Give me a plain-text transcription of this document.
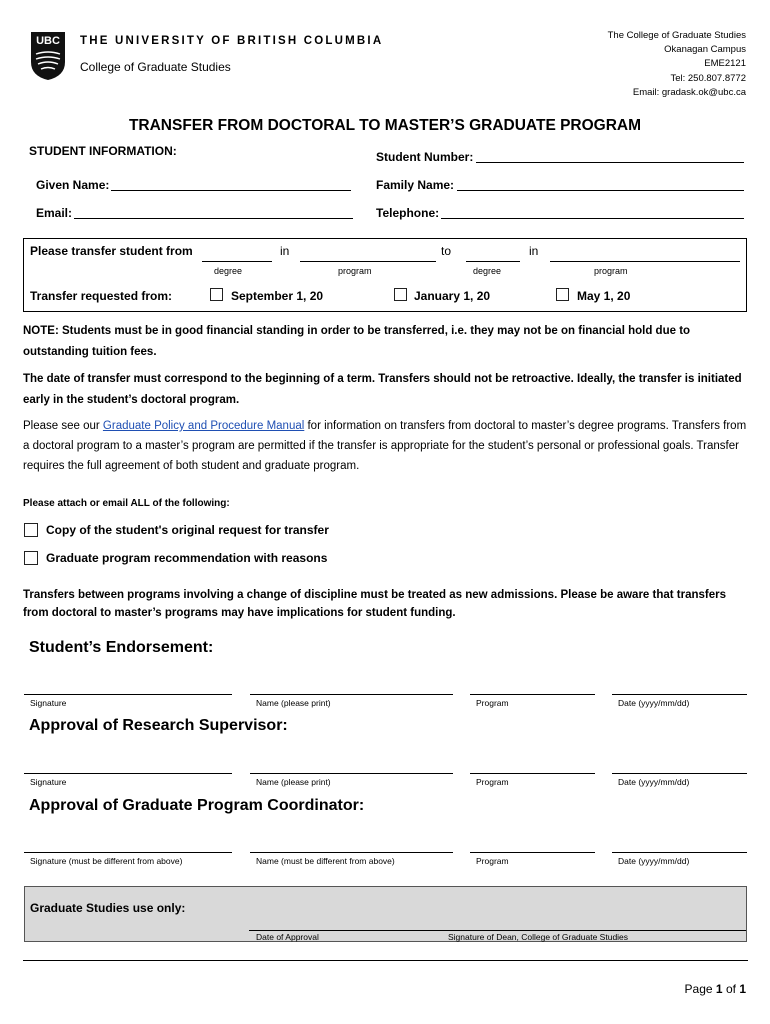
UBC THE UNIVERSITY OF BRITISH COLUMBIA
College of Graduate Studies
The College of Graduate Studies
Okanagan Campus
EME2121
Tel: 250.807.8772
Email: gradask.ok@ubc.ca
TRANSFER FROM DOCTORAL TO MASTER’S GRADUATE PROGRAM
STUDENT INFORMATION:	Student Number:
Given Name:	Family Name:
Email:	Telephone:
Please transfer student from	in	to	in
degree	program	degree	program
Transfer requested from:	September 1, 20	January 1, 20	May 1, 20
NOTE: Students must be in good financial standing in order to be transferred, i.e. they may not be on financial hold due to outstanding tuition fees.
The date of transfer must correspond to the beginning of a term. Transfers should not be retroactive. Ideally, the transfer is initiated early in the student’s doctoral program.
Please see our Graduate Policy and Procedure Manual for information on transfers from doctoral to master’s degree programs. Transfers from a doctoral program to a master’s program are permitted if the transfer is appropriate for the student’s personal or professional goals. Transfer requires the full agreement of both student and graduate program.
Please attach or email ALL of the following:
Copy of the student's original request for transfer
Graduate program recommendation with reasons
Transfers between programs involving a change of discipline must be treated as new admissions. Please be aware that transfers from doctoral to master’s programs may have implications for student funding.
Student’s Endorsement:
Signature	Name (please print)	Program	Date (yyyy/mm/dd)
Approval of Research Supervisor:
Signature	Name (please print)	Program	Date (yyyy/mm/dd)
Approval of Graduate Program Coordinator:
Signature (must be different from above)	Name (must be different from above)	Program	Date (yyyy/mm/dd)
Graduate Studies use only:
Date of Approval	Signature of Dean, College of Graduate Studies
Page 1 of 1
